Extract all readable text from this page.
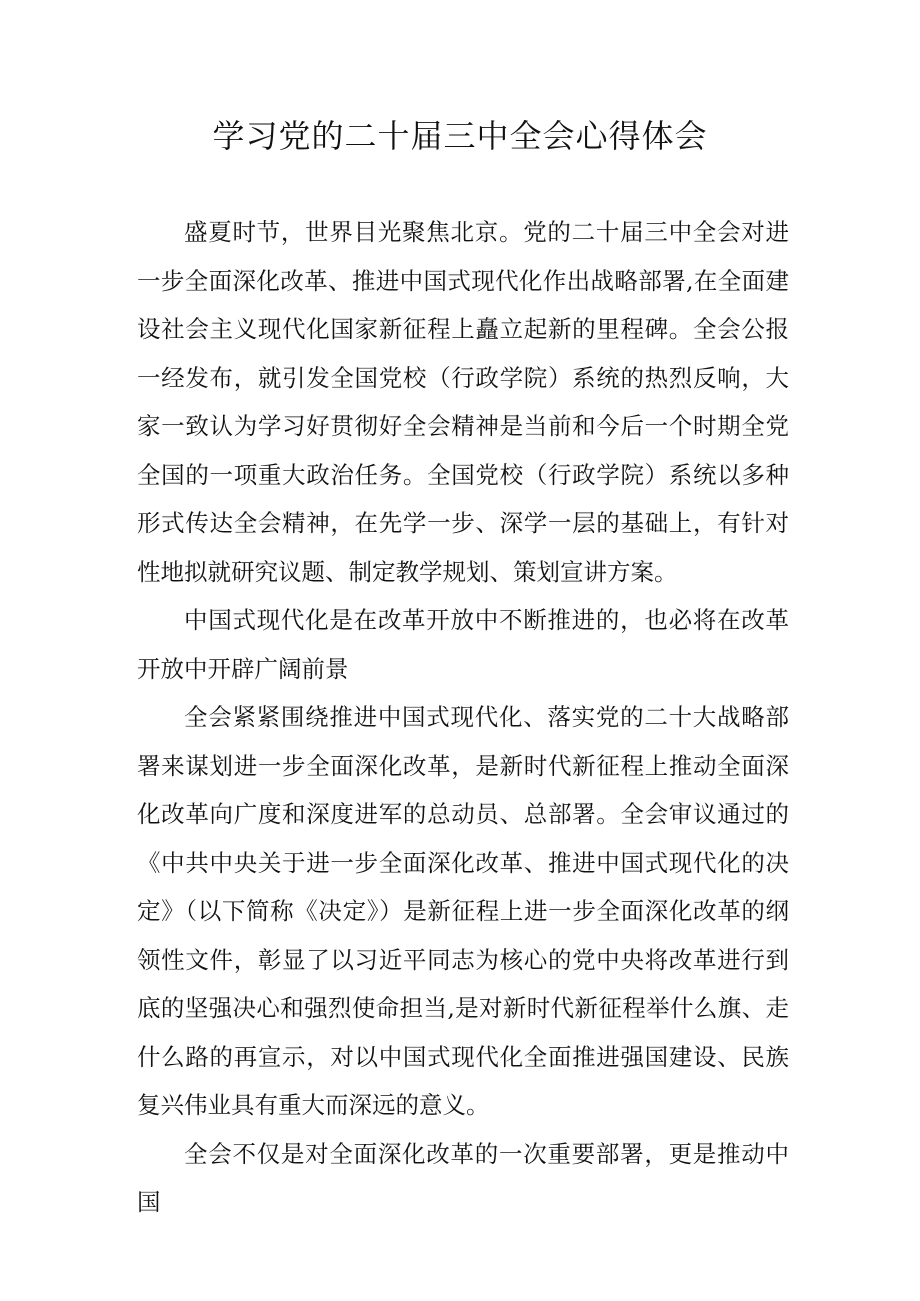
学习党的二十届三中全会心得体会

盛夏时节，世界目光聚焦北京。党的二十届三中全会对进一步全面深化改革、推进中国式现代化作出战略部署,在全面建设社会主义现代化国家新征程上矗立起新的里程碑。全会公报一经发布，就引发全国党校（行政学院）系统的热烈反响，大家一致认为学习好贯彻好全会精神是当前和今后一个时期全党全国的一项重大政治任务。全国党校（行政学院）系统以多种形式传达全会精神，在先学一步、深学一层的基础上，有针对性地拟就研究议题、制定教学规划、策划宣讲方案。

中国式现代化是在改革开放中不断推进的，也必将在改革开放中开辟广阔前景

全会紧紧围绕推进中国式现代化、落实党的二十大战略部署来谋划进一步全面深化改革，是新时代新征程上推动全面深化改革向广度和深度进军的总动员、总部署。全会审议通过的《中共中央关于进一步全面深化改革、推进中国式现代化的决定》（以下简称《决定》）是新征程上进一步全面深化改革的纲领性文件，彰显了以习近平同志为核心的党中央将改革进行到底的坚强决心和强烈使命担当,是对新时代新征程举什么旗、走什么路的再宣示，对以中国式现代化全面推进强国建设、民族复兴伟业具有重大而深远的意义。

全会不仅是对全面深化改革的一次重要部署，更是推动中国
